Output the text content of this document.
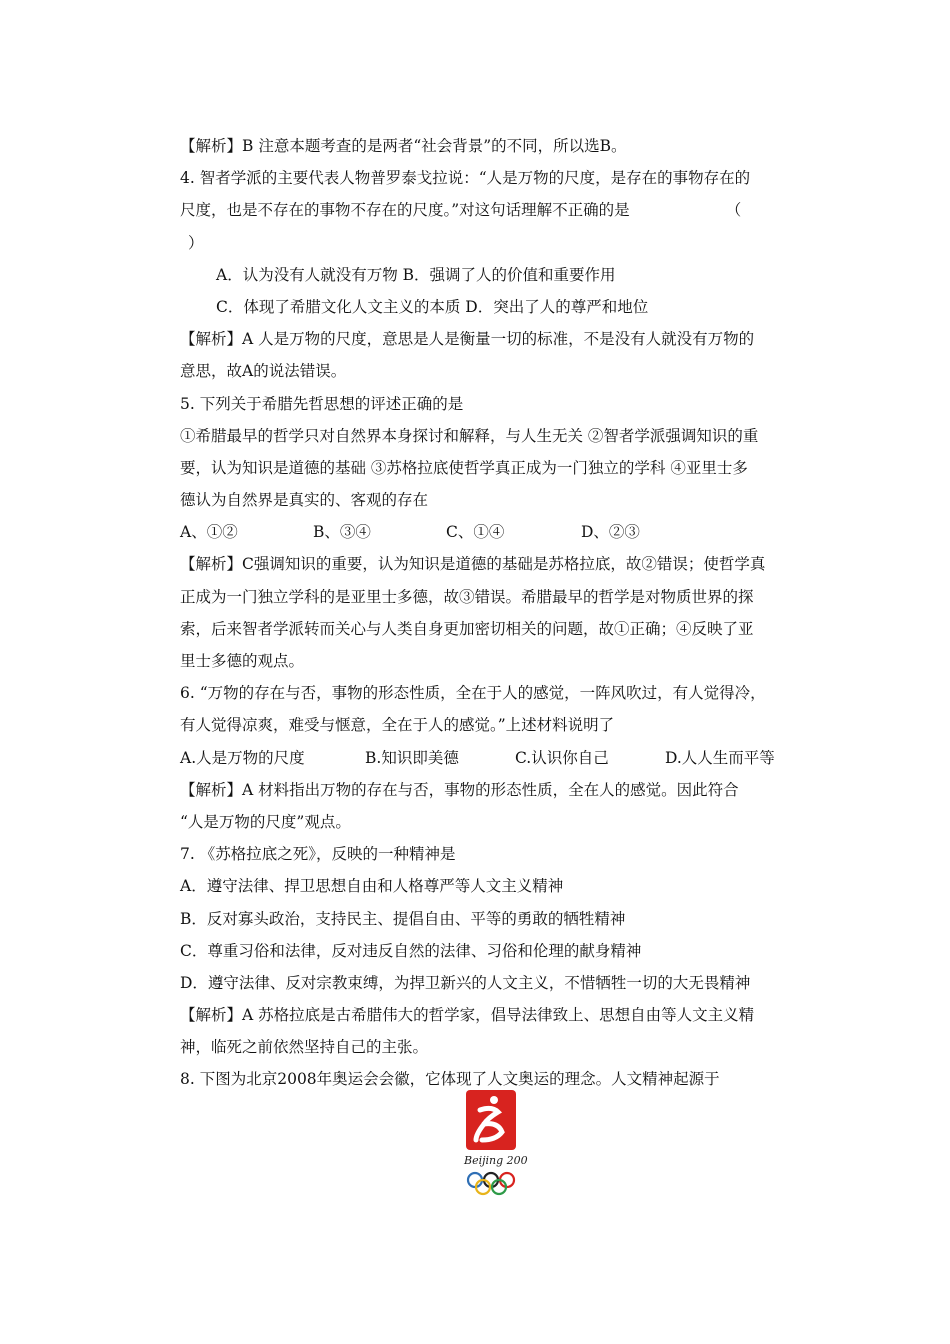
【解析】B 注意本题考查的是两者“社会背景”的不同，所以选B。
4. 智者学派的主要代表人物普罗泰戈拉说：“人是万物的尺度，是存在的事物存在的
尺度，也是不存在的事物不存在的尺度。”对这句话理解不正确的是	（
）
A．认为没有人就没有万物 B．强调了人的价值和重要作用
C．体现了希腊文化人文主义的本质 D．突出了人的尊严和地位
【解析】A 人是万物的尺度，意思是人是衡量一切的标准，不是没有人就没有万物的
意思，故A的说法错误。
5. 下列关于希腊先哲思想的评述正确的是
①希腊最早的哲学只对自然界本身探讨和解释，与人生无关 ②智者学派强调知识的重
要，认为知识是道德的基础 ③苏格拉底使哲学真正成为一门独立的学科 ④亚里士多
德认为自然界是真实的、客观的存在
A、①②	B、③④	C、①④	D、②③
【解析】C强调知识的重要，认为知识是道德的基础是苏格拉底，故②错误；使哲学真
正成为一门独立学科的是亚里士多德，故③错误。希腊最早的哲学是对物质世界的探
索，后来智者学派转而关心与人类自身更加密切相关的问题，故①正确；④反映了亚
里士多德的观点。
6. “万物的存在与否，事物的形态性质，全在于人的感觉，一阵风吹过，有人觉得冷，
有人觉得凉爽，难受与惬意，全在于人的感觉。”上述材料说明了
A.人是万物的尺度	B.知识即美德	C.认识你自己	D.人人生而平等
【解析】A 材料指出万物的存在与否，事物的形态性质，全在人的感觉。因此符合
“人是万物的尺度”观点。
7. 《苏格拉底之死》，反映的一种精神是
A．遵守法律、捍卫思想自由和人格尊严等人文主义精神
B．反对寡头政治，支持民主、提倡自由、平等的勇敢的牺牲精神
C．尊重习俗和法律，反对违反自然的法律、习俗和伦理的献身精神
D．遵守法律、反对宗教束缚，为捍卫新兴的人文主义，不惜牺牲一切的大无畏精神
【解析】A 苏格拉底是古希腊伟大的哲学家，倡导法律致上、思想自由等人文主义精
神，临死之前依然坚持自己的主张。
8. 下图为北京2008年奥运会会徽，它体现了人文奥运的理念。人文精神起源于
Beijing 2008
